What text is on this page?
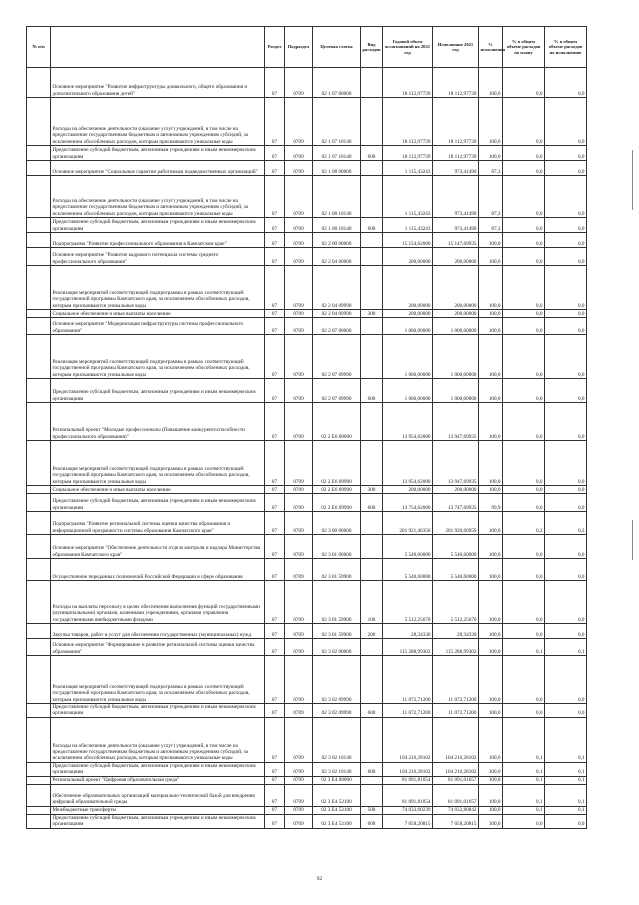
№ п/п		Раздел	Подраздел	Целевая статья	Вид расходов	Годовой объем ассигнований на 2021 год	Исполнение 2021 год	% исполнения	% в общем объеме расходов по плану	% в общем объеме расходов по исполнению
	Основное мероприятие "Развитие инфраструктуры дошкольного, общего образования и дополнительного образования детей"	07	0709	02 1 07 00000		18 112,97739	18 112,97739	100,0	0,0	0,0
	Расходы на обеспечение деятельности (оказание услуг) учреждений, в том числе на предоставление государственным бюджетным и автономным учреждениям субсидий, за исключением обособленных расходов, которым присваиваются уникальные коды	07	0709	02 1 07 10140		18 112,97739	18 112,97739	100,0	0,0	0,0
	Предоставление субсидий бюджетным, автономным учреждениям и иным некоммерческим организациям	07	0709	02 1 07 10140	600	18 112,97739	18 112,97739	100,0	0,0	0,0
	Основное мероприятие "Социальные гарантии работникам подведомственных организаций"	07	0709	02 1 08 00000		1 115,43243	973,41490	87,3	0,0	0,0
	Расходы на обеспечение деятельности (оказание услуг) учреждений, в том числе на предоставление государственным бюджетным и автономным учреждениям субсидий, за исключением обособленных расходов, которым присваиваются уникальные коды	07	0709	02 1 08 10140		1 115,43243	973,41490	87,3	0,0	0,0
	Предоставление субсидий бюджетным, автономным учреждениям и иным некоммерческим организациям	07	0709	02 1 08 10140	600	1 115,43243	973,41490	87,3	0,0	0,0
	Подпрограмма "Развитие профессионального образования в Камчатском крае"	07	0709	02 2 00 00000		15 154,62000	15 147,69935	100,0	0,0	0,0
	Основное мероприятие "Развитие кадрового потенциала системы среднего профессионального образования"	07	0709	02 2 04 00000		200,00000	200,00000	100,0	0,0	0,0
	Реализация мероприятий соответствующей подпрограммы в рамках соответствующей государственной программы Камчатского края, за исключением обособленных расходов, которым присваиваются уникальные коды	07	0709	02 2 04 09990		200,00000	200,00000	100,0	0,0	0,0
	Социальное обеспечение и иные выплаты населению	07	0709	02 2 04 09990	300	200,00000	200,00000	100,0	0,0	0,0
	Основное мероприятие "Модернизация инфраструктуры системы профессионального образования"	07	0709	02 2 07 00000		1 000,00000	1 000,00000	100,0	0,0	0,0
	Реализация мероприятий соответствующей подпрограммы в рамках соответствующей государственной программы Камчатского края, за исключением обособленных расходов, которым присваиваются уникальные коды	07	0709	02 2 07 09990		1 000,00000	1 000,00000	100,0	0,0	0,0
	Предоставление субсидий бюджетным, автономным учреждениям и иным некоммерческим организациям	07	0709	02 2 07 09990	600	1 000,00000	1 000,00000	100,0	0,0	0,0
	Региональный проект "Молодые профессионалы (Повышение конкурентоспособности профессионального образования)"	07	0709	02 2 E6 00000		13 954,62000	13 947,69935	100,0	0,0	0,0
	Реализация мероприятий соответствующей подпрограммы в рамках соответствующей государственной программы Камчатского края, за исключением обособленных расходов, которым присваиваются уникальные коды	07	0709	02 2 E6 09990		13 954,62000	13 947,69935	100,0	0,0	0,0
	Социальное обеспечение и иные выплаты населению	07	0709	02 2 E6 09990	300	200,00000	200,00000	100,0	0,0	0,0
	Предоставление субсидий бюджетным, автономным учреждениям и иным некоммерческим организациям	07	0709	02 2 E6 09990	600	13 754,62000	13 747,69935	99,9	0,0	0,0
	Подпрограмма "Развитие региональной системы оценки качества образования и информационной прозрачности системы образования Камчатского края"	07	0709	02 3 00 00000		201 921,46356	201 920,60959	100,0	0,2	0,2
	Основное мероприятие "Обеспечение деятельности отдела контроля и надзора Министерства образования Камчатского края"	07	0709	02 3 01 00000		5 540,60000	5 540,60000	100,0	0,0	0,0
	Осуществление переданных полномочий Российской Федерации в сфере образования	07	0709	02 3 01 59900		5 540,60000	5 540,60000	100,0	0,0	0,0
	Расходы на выплаты персоналу в целях обеспечения выполнения функций государственными (муниципальными) органами, казенными учреждениями, органами управления государственными внебюджетными фондами	07	0709	02 3 01 59900	100	5 512,25670	5 512,25670	100,0	0,0	0,0
	Закупка товаров, работ и услуг для обеспечения государственных (муниципальных) нужд	07	0709	02 3 01 59900	200	28,34330	28,34330	100,0	0,0	0,0
	Основное мероприятие "Формирование и развитие региональной системы оценки качества образования"	07	0709	02 3 02 00000		115 288,99302	115 288,99302	100,0	0,1	0,1
	Реализация мероприятий соответствующей подпрограммы в рамках соответствующей государственной программы Камчатского края, за исключением обособленных расходов, которым присваиваются уникальные коды	07	0709	02 3 02 09990		11 072,71200	11 072,71200	100,0	0,0	0,0
	Предоставление субсидий бюджетным, автономным учреждениям и иным некоммерческим организациям	07	0709	02 3 02 09990	600	11 072,71200	11 072,71200	100,0	0,0	0,0
	Расходы на обеспечение деятельности (оказание услуг) учреждений, в том числе на предоставление государственным бюджетным и автономным учреждениям субсидий, за исключением обособленных расходов, которым присваиваются уникальные коды	07	0709	02 3 02 10140		104 216,28102	104 216,28102	100,0	0,1	0,1
	Предоставление субсидий бюджетным, автономным учреждениям и иным некоммерческим организациям	07	0709	02 3 02 10140	600	104 216,28102	104 216,28102	100,0	0,1	0,1
	Региональный проект "Цифровая образовательная среда"	07	0709	02 3 E4 00000		81 091,81054	81 091,01657	100,0	0,1	0,1
	Обеспечение образовательных организаций материально-технической базой для внедрения цифровой образовательной среды	07	0709	02 3 E4 52100		81 091,81054	81 091,01657	100,0	0,1	0,1
	Межбюджетные трансферты	07	0709	02 3 E4 52100	500	74 033,60239	74 032,80842	100,0	0,1	0,1
	Предоставление субсидий бюджетным, автономным учреждениям и иным некоммерческим организациям	07	0709	02 3 E4 52100	600	7 058,20815	7 058,20815	100,0	0,0	0,0
92
